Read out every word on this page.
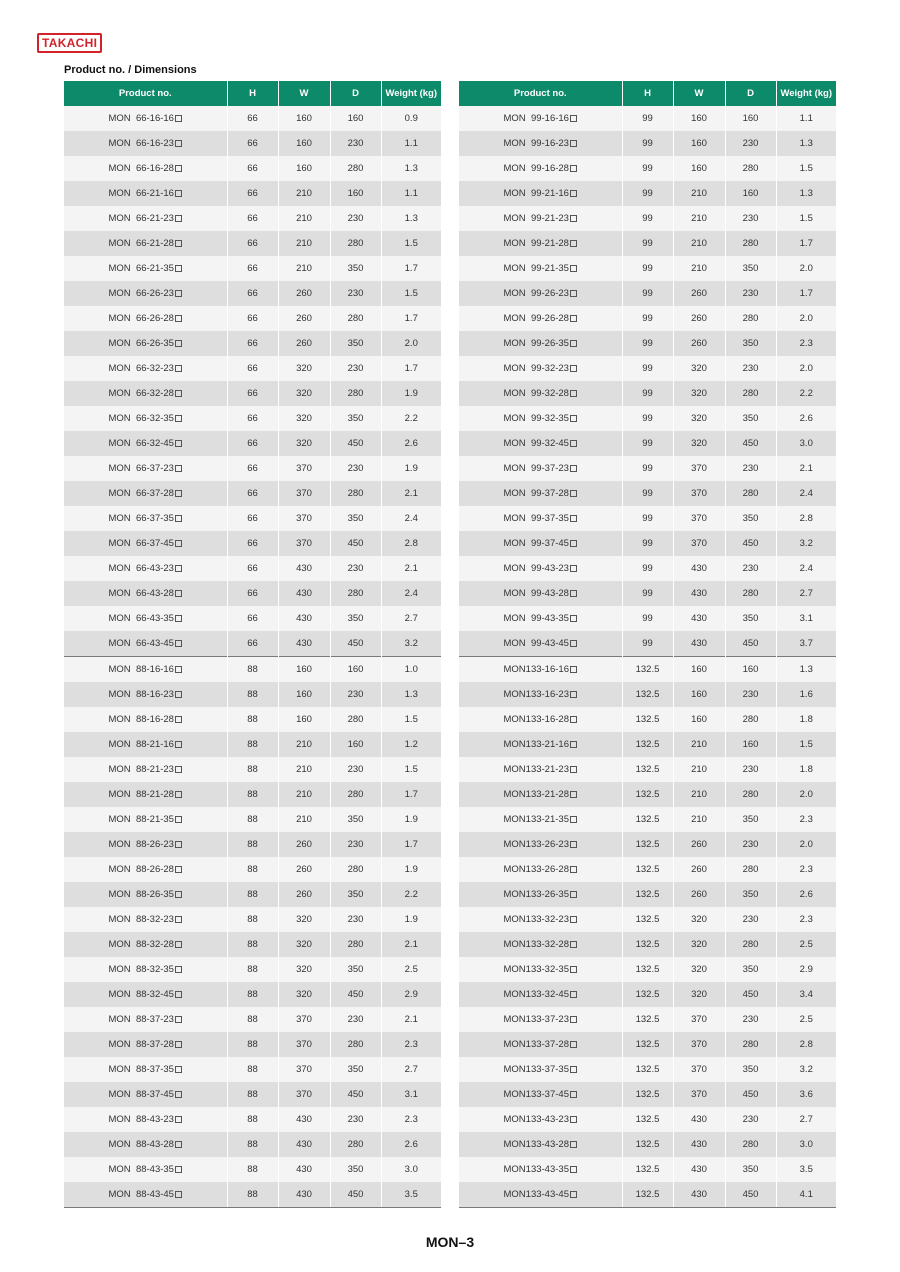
TAKACHI
Product no. / Dimensions
Product no.	H	W	D	Weight (kg)
MON  66-16-16	66	160	160	0.9
MON  66-16-23	66	160	230	1.1
MON  66-16-28	66	160	280	1.3
MON  66-21-16	66	210	160	1.1
MON  66-21-23	66	210	230	1.3
MON  66-21-28	66	210	280	1.5
MON  66-21-35	66	210	350	1.7
MON  66-26-23	66	260	230	1.5
MON  66-26-28	66	260	280	1.7
MON  66-26-35	66	260	350	2.0
MON  66-32-23	66	320	230	1.7
MON  66-32-28	66	320	280	1.9
MON  66-32-35	66	320	350	2.2
MON  66-32-45	66	320	450	2.6
MON  66-37-23	66	370	230	1.9
MON  66-37-28	66	370	280	2.1
MON  66-37-35	66	370	350	2.4
MON  66-37-45	66	370	450	2.8
MON  66-43-23	66	430	230	2.1
MON  66-43-28	66	430	280	2.4
MON  66-43-35	66	430	350	2.7
MON  66-43-45	66	430	450	3.2
MON  88-16-16	88	160	160	1.0
MON  88-16-23	88	160	230	1.3
MON  88-16-28	88	160	280	1.5
MON  88-21-16	88	210	160	1.2
MON  88-21-23	88	210	230	1.5
MON  88-21-28	88	210	280	1.7
MON  88-21-35	88	210	350	1.9
MON  88-26-23	88	260	230	1.7
MON  88-26-28	88	260	280	1.9
MON  88-26-35	88	260	350	2.2
MON  88-32-23	88	320	230	1.9
MON  88-32-28	88	320	280	2.1
MON  88-32-35	88	320	350	2.5
MON  88-32-45	88	320	450	2.9
MON  88-37-23	88	370	230	2.1
MON  88-37-28	88	370	280	2.3
MON  88-37-35	88	370	350	2.7
MON  88-37-45	88	370	450	3.1
MON  88-43-23	88	430	230	2.3
MON  88-43-28	88	430	280	2.6
MON  88-43-35	88	430	350	3.0
MON  88-43-45	88	430	450	3.5
Product no.	H	W	D	Weight (kg)
MON  99-16-16	99	160	160	1.1
MON  99-16-23	99	160	230	1.3
MON  99-16-28	99	160	280	1.5
MON  99-21-16	99	210	160	1.3
MON  99-21-23	99	210	230	1.5
MON  99-21-28	99	210	280	1.7
MON  99-21-35	99	210	350	2.0
MON  99-26-23	99	260	230	1.7
MON  99-26-28	99	260	280	2.0
MON  99-26-35	99	260	350	2.3
MON  99-32-23	99	320	230	2.0
MON  99-32-28	99	320	280	2.2
MON  99-32-35	99	320	350	2.6
MON  99-32-45	99	320	450	3.0
MON  99-37-23	99	370	230	2.1
MON  99-37-28	99	370	280	2.4
MON  99-37-35	99	370	350	2.8
MON  99-37-45	99	370	450	3.2
MON  99-43-23	99	430	230	2.4
MON  99-43-28	99	430	280	2.7
MON  99-43-35	99	430	350	3.1
MON  99-43-45	99	430	450	3.7
MON133-16-16	132.5	160	160	1.3
MON133-16-23	132.5	160	230	1.6
MON133-16-28	132.5	160	280	1.8
MON133-21-16	132.5	210	160	1.5
MON133-21-23	132.5	210	230	1.8
MON133-21-28	132.5	210	280	2.0
MON133-21-35	132.5	210	350	2.3
MON133-26-23	132.5	260	230	2.0
MON133-26-28	132.5	260	280	2.3
MON133-26-35	132.5	260	350	2.6
MON133-32-23	132.5	320	230	2.3
MON133-32-28	132.5	320	280	2.5
MON133-32-35	132.5	320	350	2.9
MON133-32-45	132.5	320	450	3.4
MON133-37-23	132.5	370	230	2.5
MON133-37-28	132.5	370	280	2.8
MON133-37-35	132.5	370	350	3.2
MON133-37-45	132.5	370	450	3.6
MON133-43-23	132.5	430	230	2.7
MON133-43-28	132.5	430	280	3.0
MON133-43-35	132.5	430	350	3.5
MON133-43-45	132.5	430	450	4.1
MON–3
